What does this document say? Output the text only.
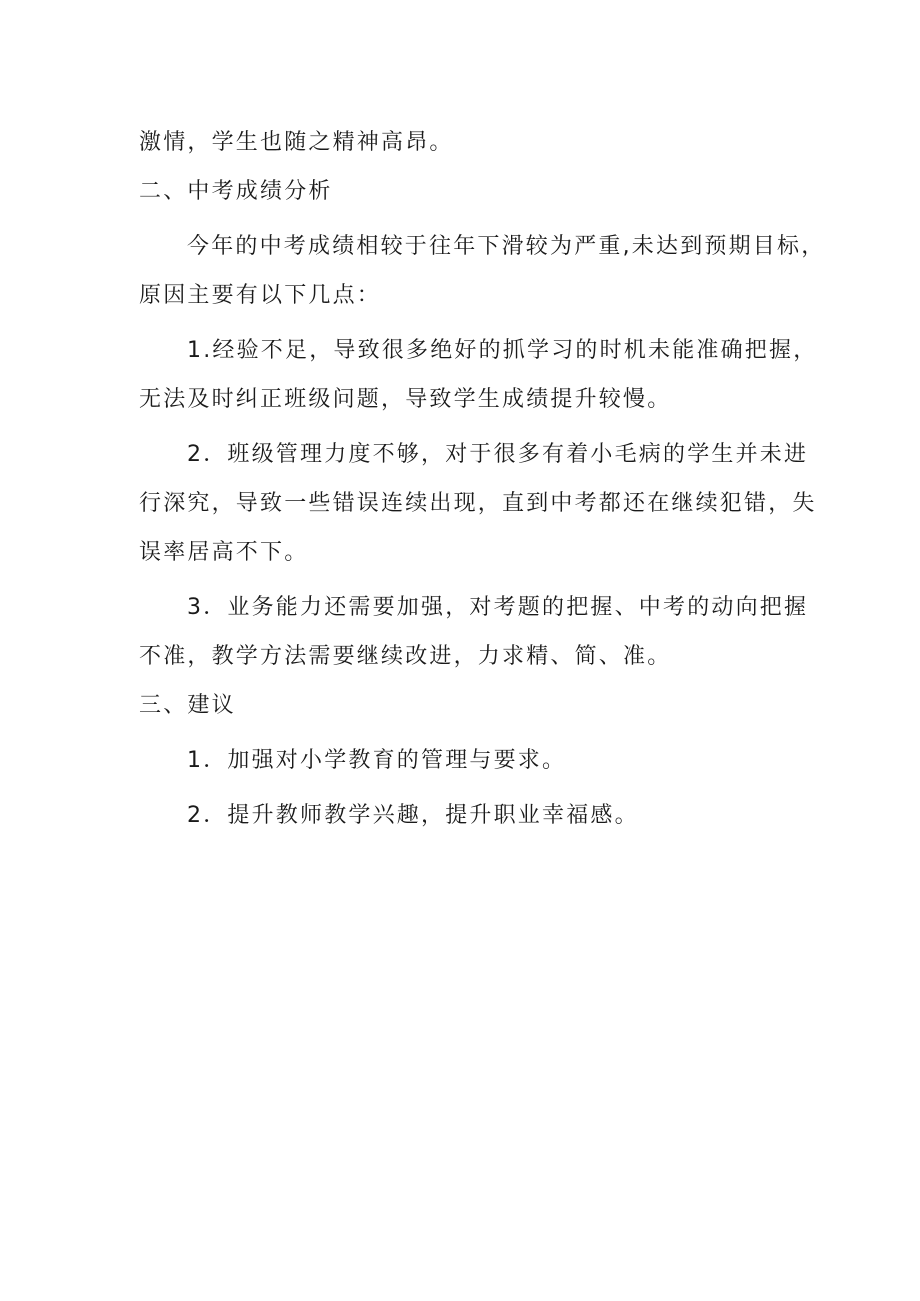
激情，学生也随之精神高昂。

二、中考成绩分析

今年的中考成绩相较于往年下滑较为严重,未达到预期目标，
原因主要有以下几点：

1.经验不足，导致很多绝好的抓学习的时机未能准确把握，
无法及时纠正班级问题，导致学生成绩提升较慢。

2．班级管理力度不够，对于很多有着小毛病的学生并未进
行深究，导致一些错误连续出现，直到中考都还在继续犯错，失
误率居高不下。

3．业务能力还需要加强，对考题的把握、中考的动向把握
不准，教学方法需要继续改进，力求精、简、准。

三、建议

1．加强对小学教育的管理与要求。

2．提升教师教学兴趣，提升职业幸福感。
